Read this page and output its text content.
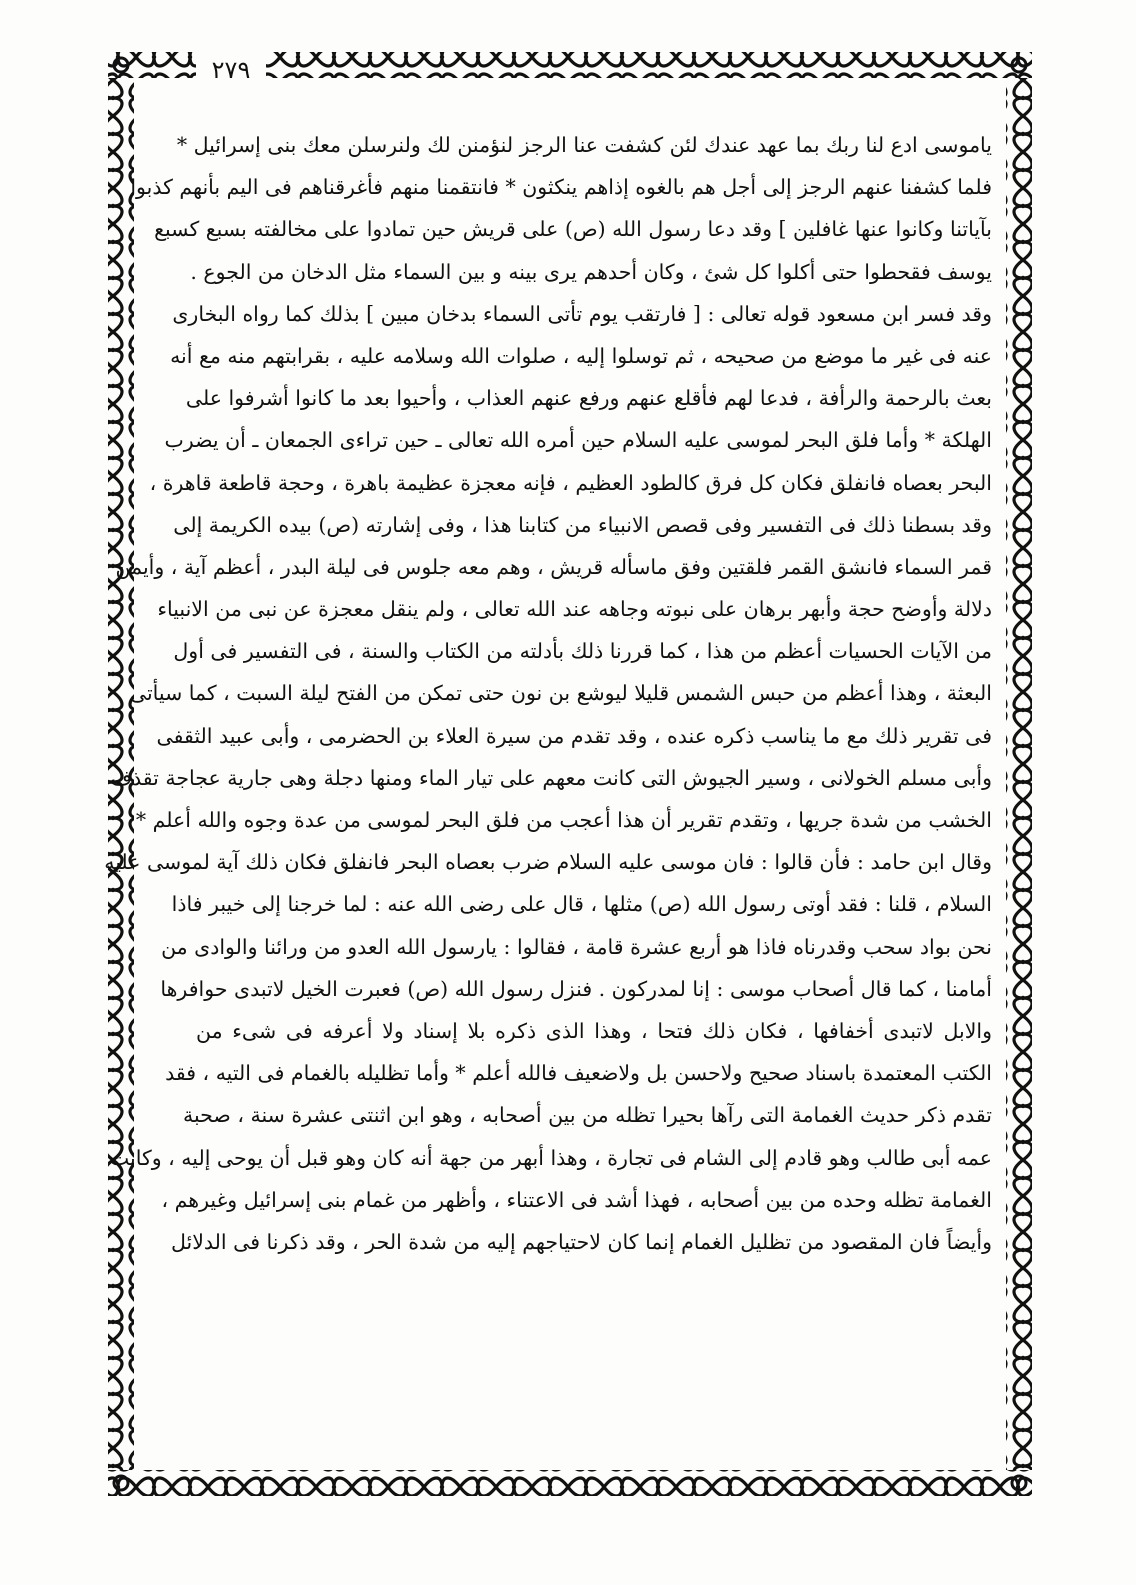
٢٧٩
ياموسى ادع لنا ربك بما عهد عندك لئن كشفت عنا الرجز لنؤمنن لك ولنرسلن معك بنى إسرائيل *
فلما كشفنا عنهم الرجز إلى أجل هم بالغوه إذاهم ينكثون * فانتقمنا منهم فأغرقناهم فى اليم بأنهم كذبوا
بآياتنا وكانوا عنها غافلين ] وقد دعا رسول الله (ص) على قريش حين تمادوا على مخالفته بسبع كسبع
يوسف فقحطوا حتى أكلوا كل شئ ، وكان أحدهم يرى بينه و بين السماء مثل الدخان من الجوع .
وقد فسر ابن مسعود قوله تعالى : [ فارتقب يوم تأتى السماء بدخان مبين ] بذلك كما رواه البخارى
عنه فى غير ما موضع من صحيحه ، ثم توسلوا إليه ، صلوات الله وسلامه عليه ، بقرابتهم منه مع أنه
بعث بالرحمة والرأفة ، فدعا لهم فأقلع عنهم ورفع عنهم العذاب ، وأحيوا بعد ما كانوا أشرفوا على
الهلكة * وأما فلق البحر لموسى عليه السلام حين أمره الله تعالى ـ حين تراءى الجمعان ـ أن يضرب
البحر بعصاه فانفلق فكان كل فرق كالطود العظيم ، فإنه معجزة عظيمة باهرة ، وحجة قاطعة قاهرة ،
وقد بسطنا ذلك فى التفسير وفى قصص الانبياء من كتابنا هذا ، وفى إشارته (ص) بيده الكريمة إلى
قمر السماء فانشق القمر فلقتين وفق ماسأله قريش ، وهم معه جلوس فى ليلة البدر ، أعظم آية ، وأيمن
دلالة وأوضح حجة وأبهر برهان على نبوته وجاهه عند الله تعالى ، ولم ينقل معجزة عن نبى من الانبياء
من الآيات الحسيات أعظم من هذا ، كما قررنا ذلك بأدلته من الكتاب والسنة ، فى التفسير فى أول
البعثة ، وهذا أعظم من حبس الشمس قليلا ليوشع بن نون حتى تمكن من الفتح ليلة السبت ، كما سيأتى
فى تقرير ذلك مع ما يناسب ذكره عنده ، وقد تقدم من سيرة العلاء بن الحضرمى ، وأبى عبيد الثقفى
وأبى مسلم الخولانى ، وسير الجيوش التى كانت معهم على تيار الماء ومنها دجلة وهى جارية عجاجة تقذف
الخشب من شدة جريها ، وتقدم تقرير أن هذا أعجب من فلق البحر لموسى من عدة وجوه والله أعلم *
وقال ابن حامد : فأن قالوا : فان موسى عليه السلام ضرب بعصاه البحر فانفلق فكان ذلك آية لموسى عليه
السلام ، قلنا : فقد أوتى رسول الله (ص) مثلها ، قال على رضى الله عنه : لما خرجنا إلى خيبر فاذا
نحن بواد سحب وقدرناه فاذا هو أربع عشرة قامة ، فقالوا : يارسول الله العدو من ورائنا والوادى من
أمامنا ، كما قال أصحاب موسى : إنا لمدركون . فنزل رسول الله (ص) فعبرت الخيل لاتبدى حوافرها
والابل لاتبدى أخفافها ، فكان ذلك فتحا ، وهذا الذى ذكره بلا إسناد ولا أعرفه فى شىء من
الكتب المعتمدة باسناد صحيح ولاحسن بل ولاضعيف فالله أعلم * وأما تظليله بالغمام فى التيه ، فقد
تقدم ذكر حديث الغمامة التى رآها بحيرا تظله من بين أصحابه ، وهو ابن اثنتى عشرة سنة ، صحبة
عمه أبى طالب وهو قادم إلى الشام فى تجارة ، وهذا أبهر من جهة أنه كان وهو قبل أن يوحى إليه ، وكانت
الغمامة تظله وحده من بين أصحابه ، فهذا أشد فى الاعتناء ، وأظهر من غمام بنى إسرائيل وغيرهم ،
وأيضاً فان المقصود من تظليل الغمام إنما كان لاحتياجهم إليه من شدة الحر ، وقد ذكرنا فى الدلائل
